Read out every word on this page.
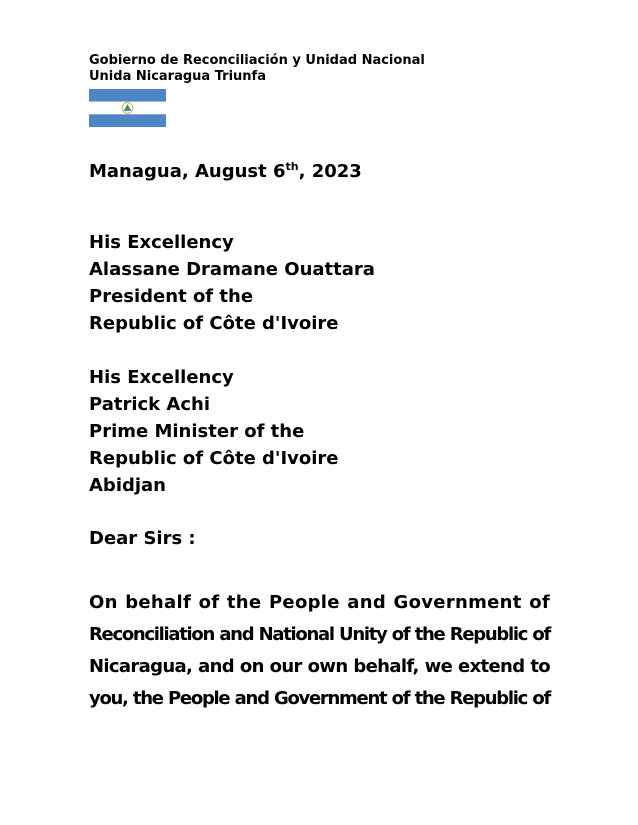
Gobierno de Reconciliación y Unidad Nacional
Unida Nicaragua Triunfa
Managua, August 6th, 2023
His Excellency
Alassane Dramane Ouattara
President of the
Republic of Côte d'Ivoire
His Excellency
Patrick Achi
Prime Minister of the
Republic of Côte d'Ivoire
Abidjan
Dear Sirs :
On behalf of the People and Government of
Reconciliation and National Unity of the Republic of
Nicaragua, and on our own behalf, we extend to
you, the People and Government of the Republic of
